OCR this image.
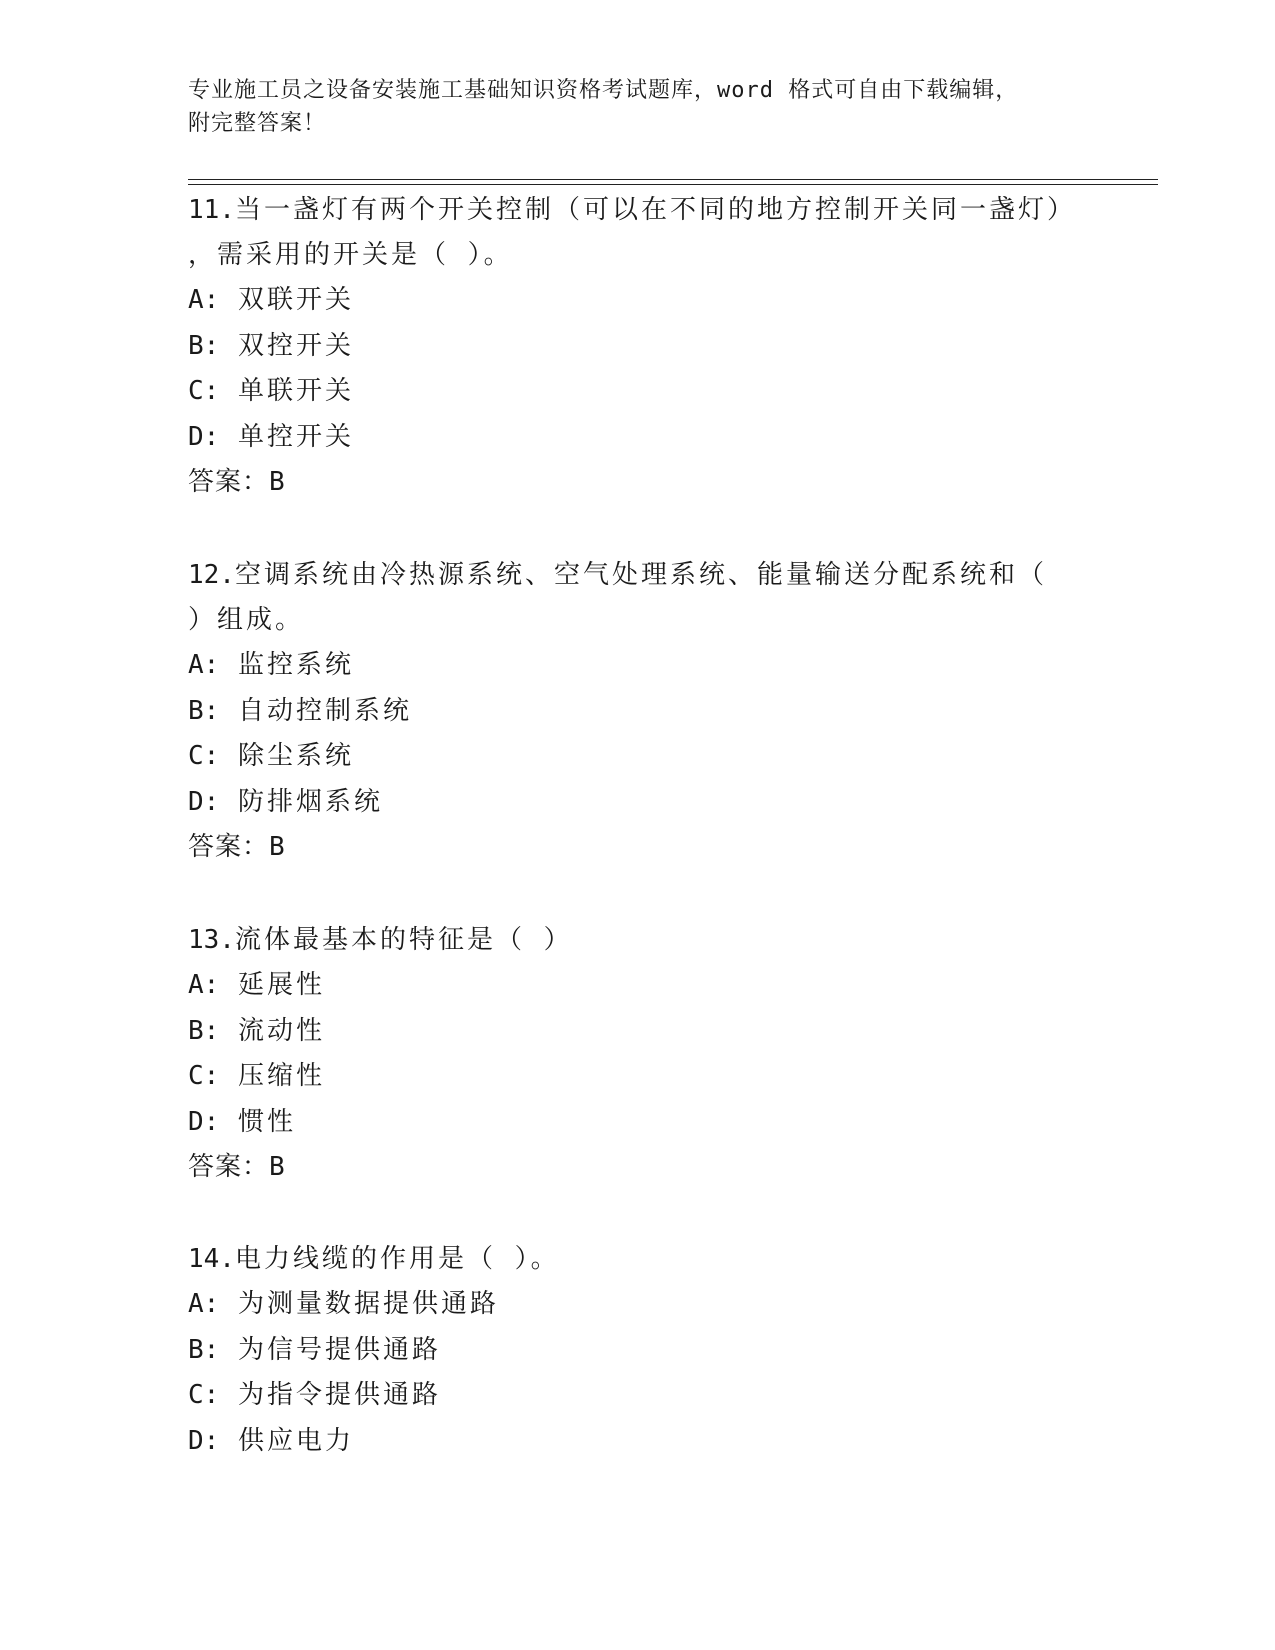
专业施工员之设备安装施工基础知识资格考试题库，word 格式可自由下载编辑，
附完整答案！

11.当一盏灯有两个开关控制（可以在不同的地方控制开关同一盏灯）

，需采用的开关是（ ）。

A: 双联开关

B: 双控开关

C: 单联开关

D: 单控开关

答案：B

12.空调系统由冷热源系统、空气处理系统、能量输送分配系统和（

）组成。

A: 监控系统

B: 自动控制系统

C: 除尘系统

D: 防排烟系统

答案：B

13.流体最基本的特征是（ ）

A: 延展性

B: 流动性

C: 压缩性

D: 惯性

答案：B

14.电力线缆的作用是（ ）。

A: 为测量数据提供通路

B: 为信号提供通路

C: 为指令提供通路

D: 供应电力
